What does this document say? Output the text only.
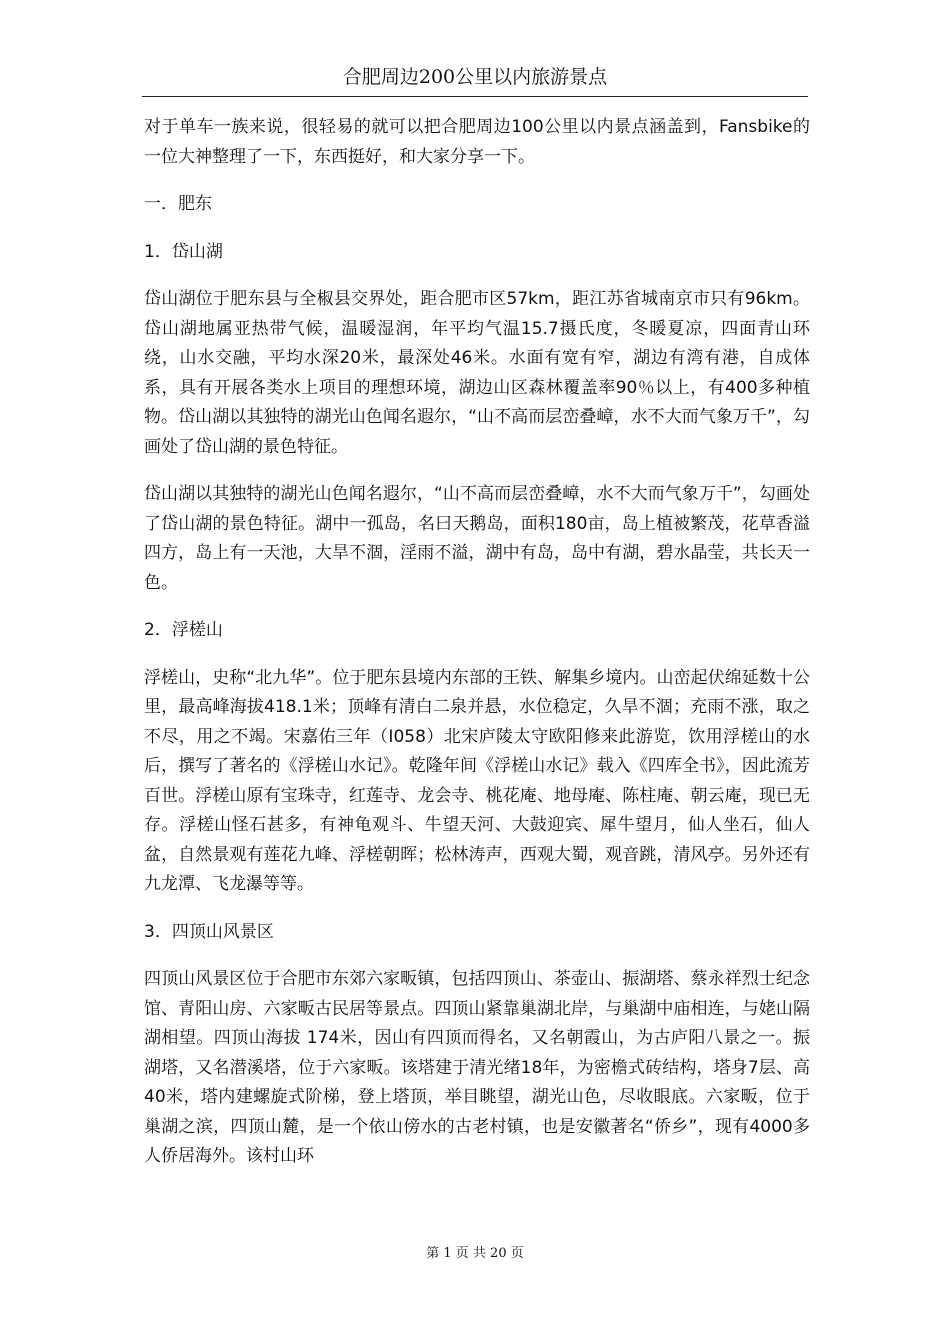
合肥周边200公里以内旅游景点

对于单车一族来说，很轻易的就可以把合肥周边100公里以内景点涵盖到，Fansbike的一位大神整理了一下，东西挺好，和大家分享一下。

一．肥东

1．岱山湖

岱山湖位于肥东县与全椒县交界处，距合肥市区57km，距江苏省城南京市只有96km。岱山湖地属亚热带气候，温暖湿润，年平均气温15.7摄氏度，冬暖夏凉，四面青山环绕，山水交融，平均水深20米，最深处46米。水面有宽有窄，湖边有湾有港，自成体系，具有开展各类水上项目的理想环境，湖边山区森林覆盖率90％以上，有400多种植物。岱山湖以其独特的湖光山色闻名遐尔，“山不高而层峦叠嶂，水不大而气象万千”，勾画处了岱山湖的景色特征。

岱山湖以其独特的湖光山色闻名遐尔，“山不高而层峦叠嶂，水不大而气象万千”，勾画处了岱山湖的景色特征。湖中一孤岛，名曰天鹅岛，面积180亩，岛上植被繁茂，花草香溢四方，岛上有一天池，大旱不涸，淫雨不溢，湖中有岛，岛中有湖，碧水晶莹，共长天一色。

2．浮槎山

浮槎山，史称“北九华”。位于肥东县境内东部的王铁、解集乡境内。山峦起伏绵延数十公里，最高峰海拔418.1米；顶峰有清白二泉并悬，水位稳定，久旱不涸；充雨不涨，取之不尽，用之不竭。宋嘉佑三年（I058）北宋庐陵太守欧阳修来此游览，饮用浮槎山的水后，撰写了著名的《浮槎山水记》。乾隆年间《浮槎山水记》载入《四库全书》，因此流芳百世。浮槎山原有宝珠寺，红莲寺、龙会寺、桃花庵、地母庵、陈柱庵、朝云庵，现已无存。浮槎山怪石甚多，有神龟观斗、牛望天河、大鼓迎宾、犀牛望月，仙人坐石，仙人盆，自然景观有莲花九峰、浮槎朝晖；松林涛声，西观大蜀，观音跳，清风亭。另外还有九龙潭、飞龙瀑等等。

3．四顶山风景区

四顶山风景区位于合肥市东郊六家畈镇，包括四顶山、茶壶山、振湖塔、蔡永祥烈士纪念馆、青阳山房、六家畈古民居等景点。四顶山紧靠巢湖北岸，与巢湖中庙相连，与姥山隔湖相望。四顶山海拔 174米，因山有四顶而得名，又名朝霞山，为古庐阳八景之一。振湖塔，又名潜溪塔，位于六家畈。该塔建于清光绪18年，为密檐式砖结构，塔身7层、高40米，塔内建螺旋式阶梯，登上塔顶，举目眺望，湖光山色，尽收眼底。六家畈，位于巢湖之滨，四顶山麓，是一个依山傍水的古老村镇，也是安徽著名“侨乡”，现有4000多人侨居海外。该村山环

第 1 页 共 20 页
